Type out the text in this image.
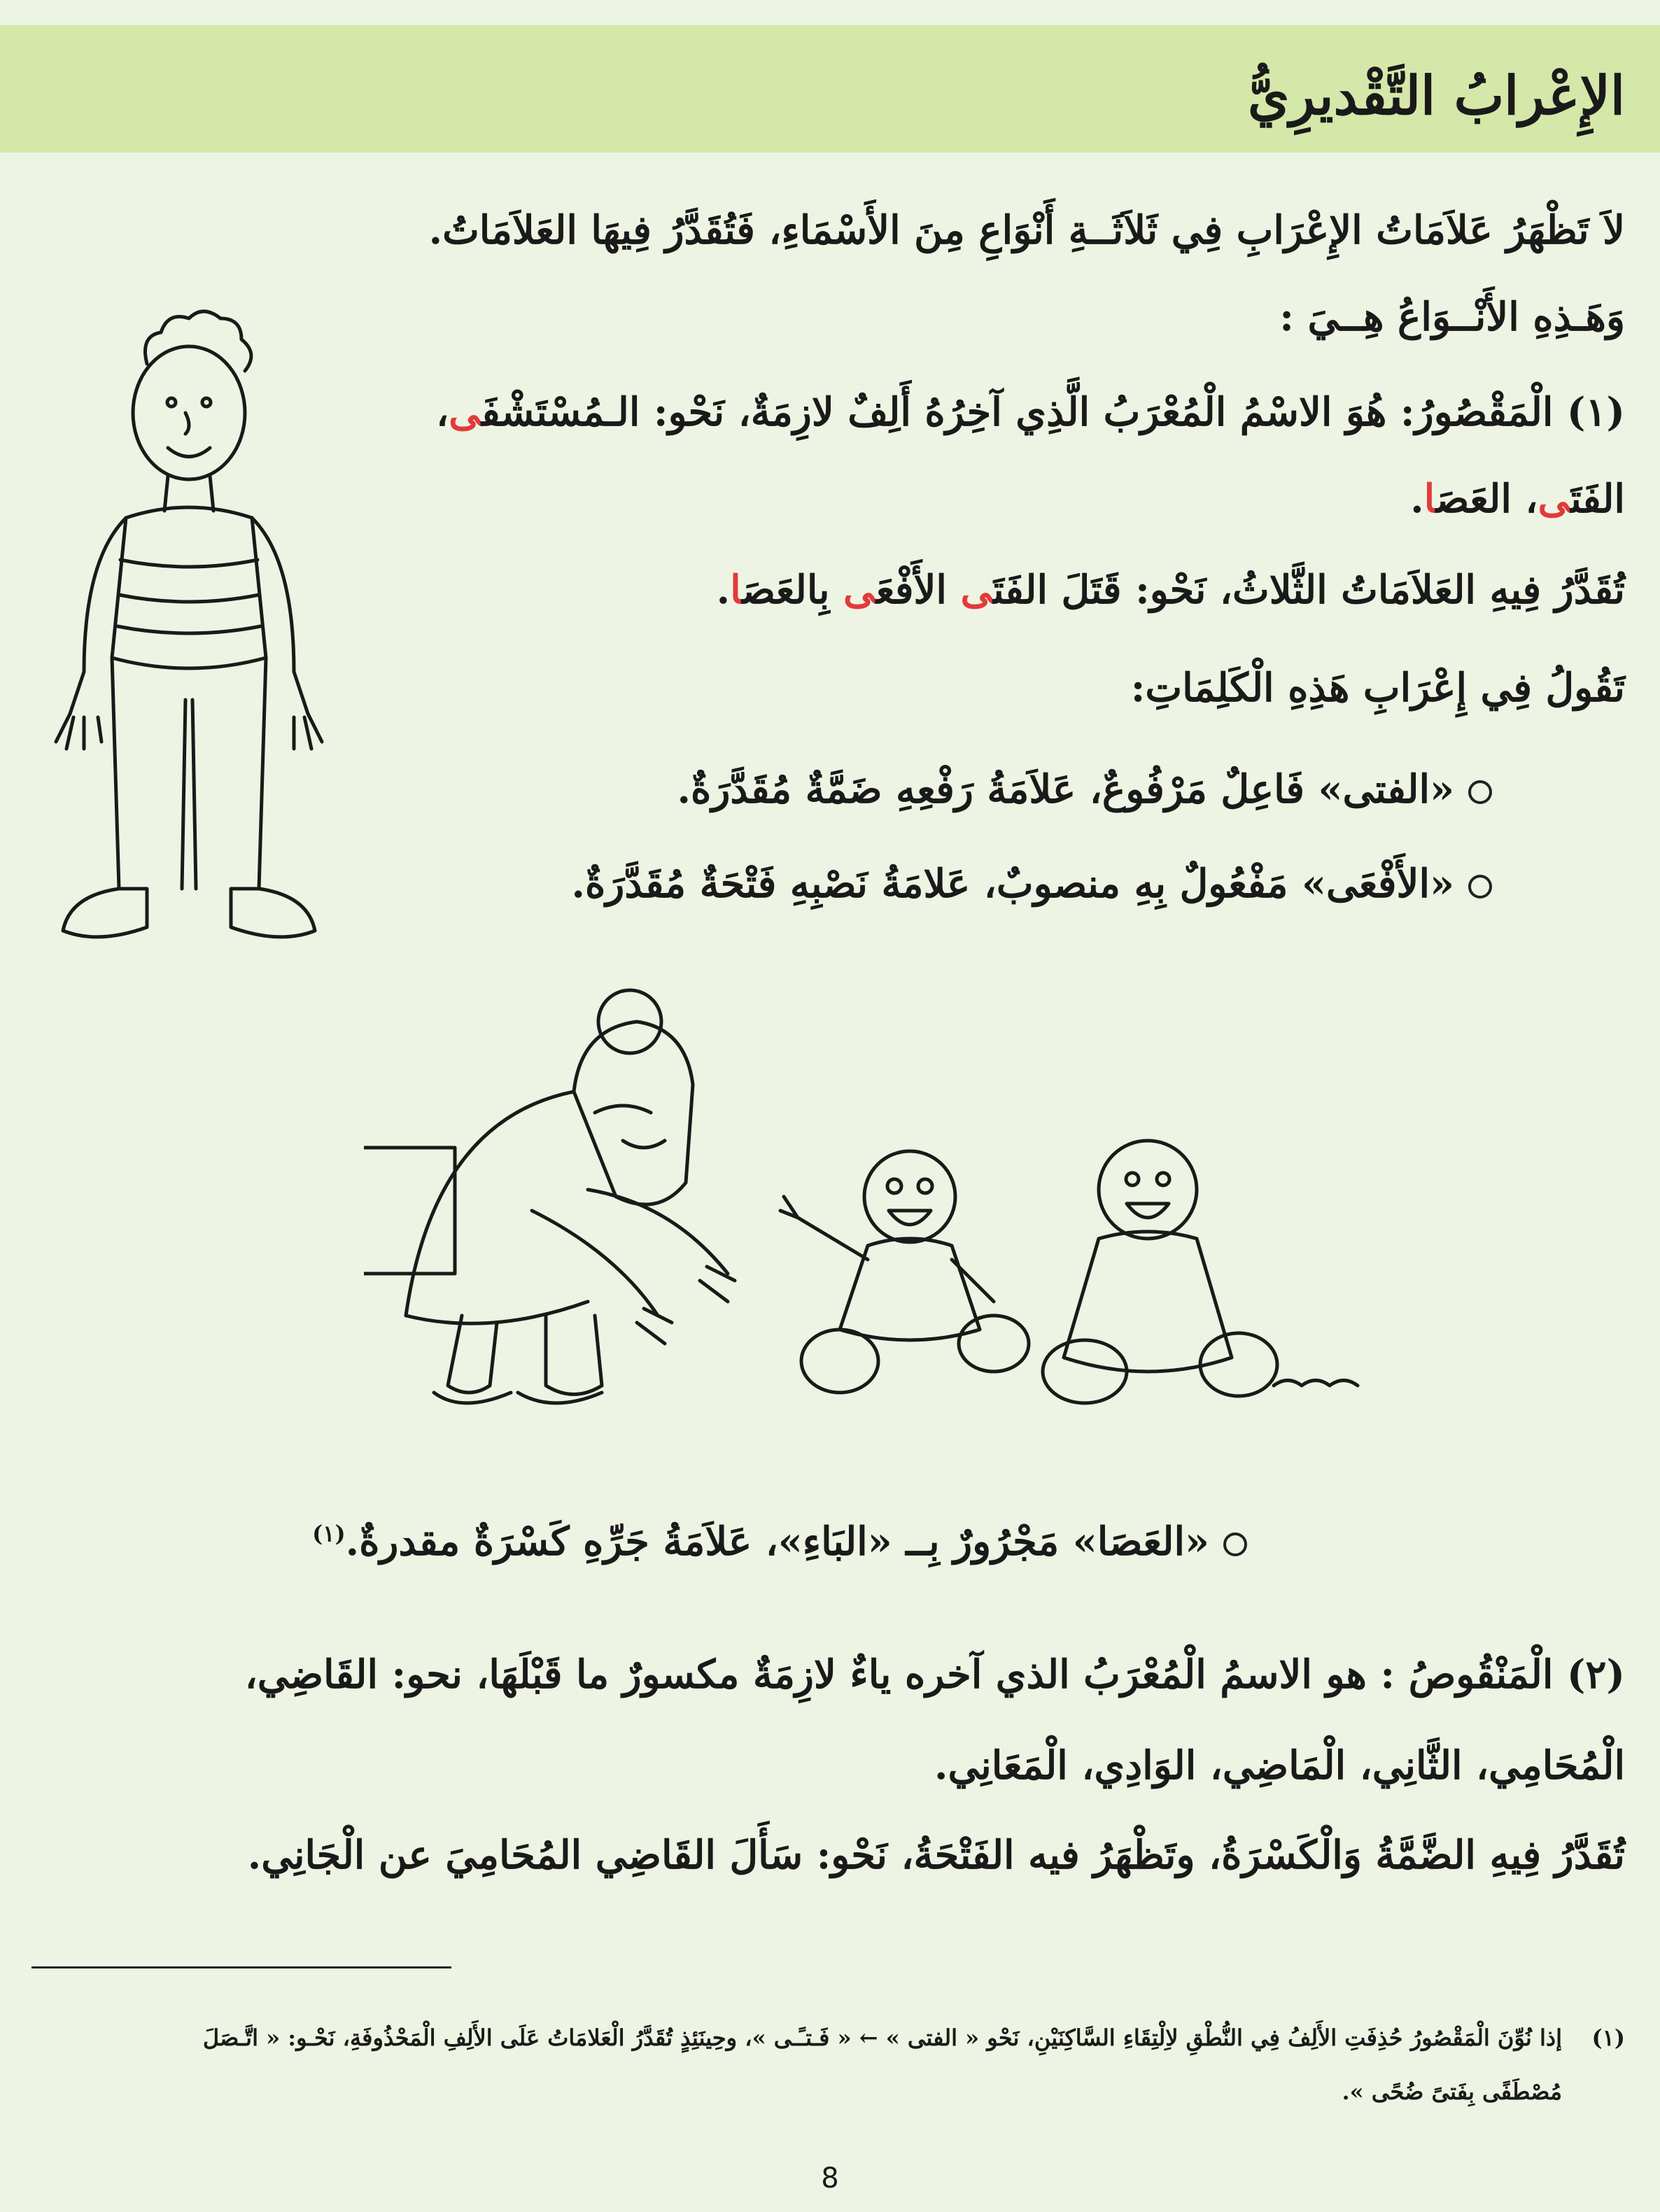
الإِعْرابُ التَّقْديرِيُّ
لاَ تَظْهَرُ عَلاَمَاتُ الإِعْرَابِ فِي ثَلاَثَــةِ أَنْوَاعِ مِنَ الأَسْمَاءِ، فَتُقَدَّرُ فِيهَا العَلاَمَاتُ.
وَهَـذِهِ الأَنْــوَاعُ هِــيَ :
(١) الْمَقْصُورُ: هُوَ الاسْمُ الْمُعْرَبُ الَّذِي آخِرُهُ أَلِفٌ لازِمَةٌ، نَحْو: الـمُسْتَشْفَى،
الفَتَى، العَصَا.
تُقَدَّرُ فِيهِ العَلاَمَاتُ الثَّلاثُ، نَحْو: قَتَلَ الفَتَى الأَفْعَى بِالعَصَا.
تَقُولُ فِي إِعْرَابِ هَذِهِ الْكَلِمَاتِ:
«الفتى» فَاعِلٌ مَرْفُوعٌ، عَلاَمَةُ رَفْعِهِ ضَمَّةٌ مُقَدَّرَةٌ.
«الأَفْعَى» مَفْعُولٌ بِهِ منصوبٌ، عَلامَةُ نَصْبِهِ فَتْحَةٌ مُقَدَّرَةٌ.
«العَصَا» مَجْرُورٌ بِــ «البَاءِ»، عَلاَمَةُ جَرِّهِ كَسْرَةٌ مقدرةٌ.$^{(١)}$
(٢) الْمَنْقُوصُ : هو الاسمُ الْمُعْرَبُ الذي آخره ياءٌ لازِمَةٌ مكسورٌ ما قَبْلَهَا، نحو: القَاضِي،
الْمُحَامِي، الثَّانِي، الْمَاضِي، الوَادِي، الْمَعَانِي.
تُقَدَّرُ فِيهِ الضَّمَّةُ وَالْكَسْرَةُ، وتَظْهَرُ فيه الفَتْحَةُ، نَحْو: سَأَلَ القَاضِي المُحَامِيَ عن الْجَانِي.
(١)
إذا نُوِّنَ الْمَقْصُورُ حُذِفَتِ الأَلِفُ فِي النُّطْقِ لاِلْتِقَاءِ السَّاكِنَيْنِ، نَحْو « الفتى » ← « فَـتـًـى »، وحِينَئِذٍ تُقَدَّرُ الْعَلامَاتُ عَلَى الأَلِفِ الْمَحْذُوفَةِ، نَحْـو: « اتَّـصَلَ
مُصْطَفًى بِفَتىً ضُحًى ».
8
